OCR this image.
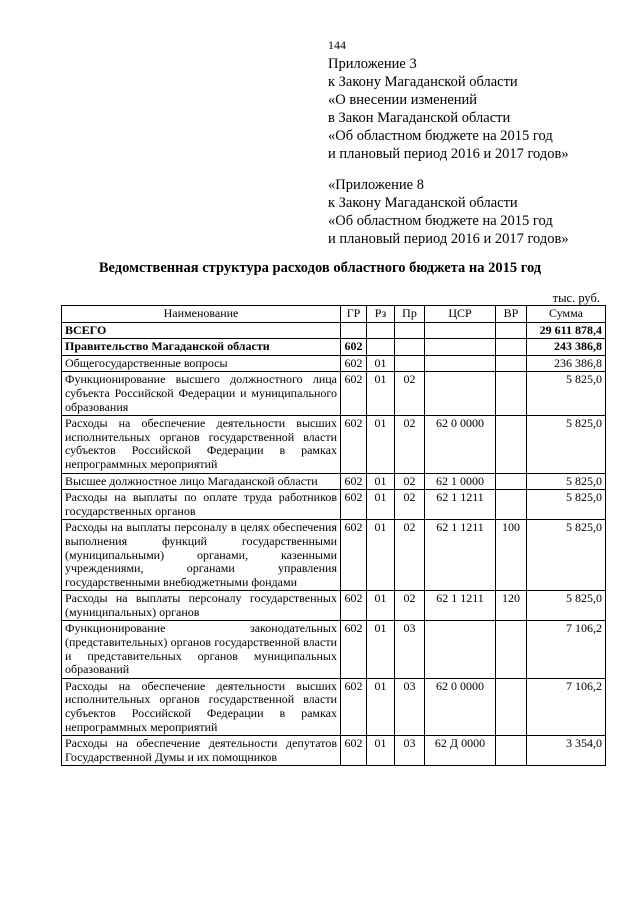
144
Приложение 3
к Закону Магаданской области
«О внесении изменений
в Закон Магаданской области
«Об областном бюджете на 2015 год
и плановый период 2016 и 2017 годов»
«Приложение 8
к Закону Магаданской области
«Об областном бюджете на 2015 год
и плановый период 2016 и 2017 годов»
Ведомственная структура расходов областного бюджета на 2015 год
тыс. руб.
Наименование	ГР	Рз	Пр	ЦСР	ВР	Сумма
ВСЕГО						29 611 878,4
Правительство Магаданской области	602					243 386,8
Общегосударственные вопросы	602	01				236 386,8
Функционирование высшего должностного лица субъекта Российской Федерации и муниципального образования	602	01	02			5 825,0
Расходы на обеспечение деятельности высших исполнительных органов государственной власти субъектов Российской Федерации в рамках непрограммных мероприятий	602	01	02	62 0 0000		5 825,0
Высшее должностное лицо Магаданской области	602	01	02	62 1 0000		5 825,0
Расходы на выплаты по оплате труда работников государственных органов	602	01	02	62 1 1211		5 825,0
Расходы на выплаты персоналу в целях обеспечения выполнения функций государственными (муниципальными) органами, казенными учреждениями, органами управления государственными внебюджетными фондами	602	01	02	62 1 1211	100	5 825,0
Расходы на выплаты персоналу государственных (муниципальных) органов	602	01	02	62 1 1211	120	5 825,0
Функционирование законодательных (представительных) органов государственной власти и представительных органов муниципальных образований	602	01	03			7 106,2
Расходы на обеспечение деятельности высших исполнительных органов государственной власти субъектов Российской Федерации в рамках непрограммных мероприятий	602	01	03	62 0 0000		7 106,2
Расходы на обеспечение деятельности депутатов Государственной Думы и их помощников	602	01	03	62 Д 0000		3 354,0
